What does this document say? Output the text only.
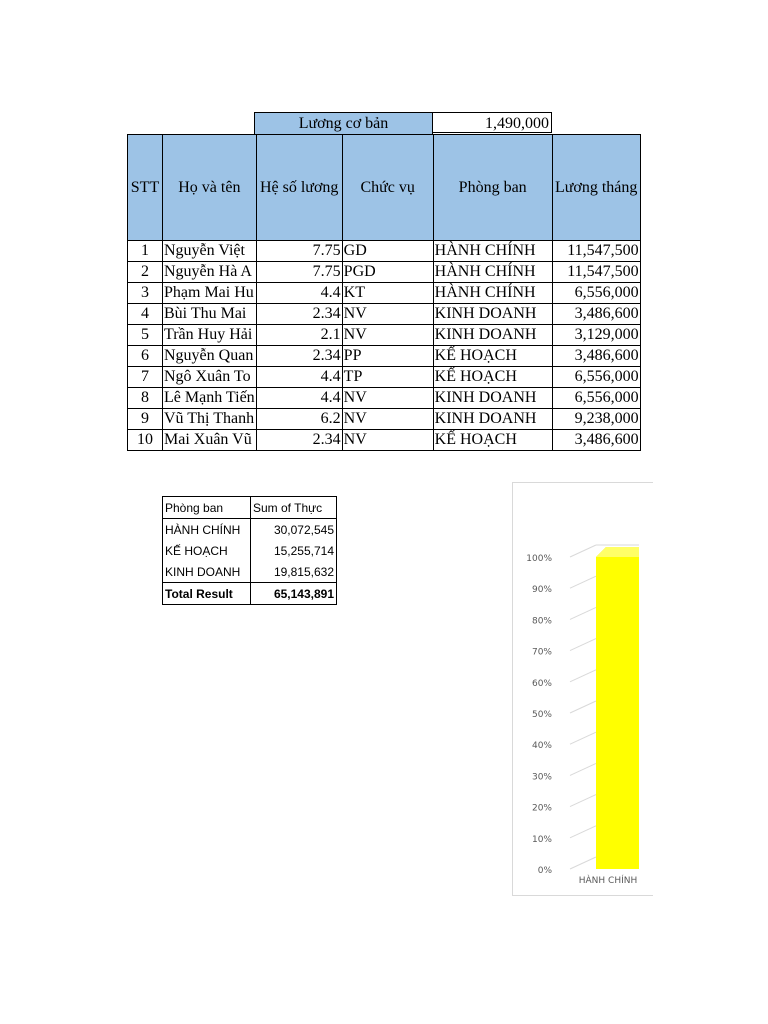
Lương cơ bản	1,490,000
STT	Họ và tên	Hệ số lương	Chức vụ	Phòng ban	Lương tháng
1	Nguyễn Việt	7.75	GD	HÀNH CHÍNH	11,547,500
2	Nguyễn Hà A	7.75	PGD	HÀNH CHÍNH	11,547,500
3	Phạm Mai Hu	4.4	KT	HÀNH CHÍNH	6,556,000
4	Bùi Thu Mai	2.34	NV	KINH DOANH	3,486,600
5	Trần Huy Hải	2.1	NV	KINH DOANH	3,129,000
6	Nguyễn Quan	2.34	PP	KẾ HOẠCH	3,486,600
7	Ngô Xuân To	4.4	TP	KẾ HOẠCH	6,556,000
8	Lê Mạnh Tiến	4.4	NV	KINH DOANH	6,556,000
9	Vũ Thị Thanh	6.2	NV	KINH DOANH	9,238,000
10	Mai Xuân Vũ	2.34	NV	KẾ HOẠCH	3,486,600
Phòng ban	Sum of Thực
HÀNH CHÍNH	30,072,545
KẾ HOẠCH	15,255,714
KINH DOANH	19,815,632
Total Result	65,143,891
0%
10%
20%
30%
40%
50%
60%
70%
80%
90%
100%
HÀNH CHÍNH
